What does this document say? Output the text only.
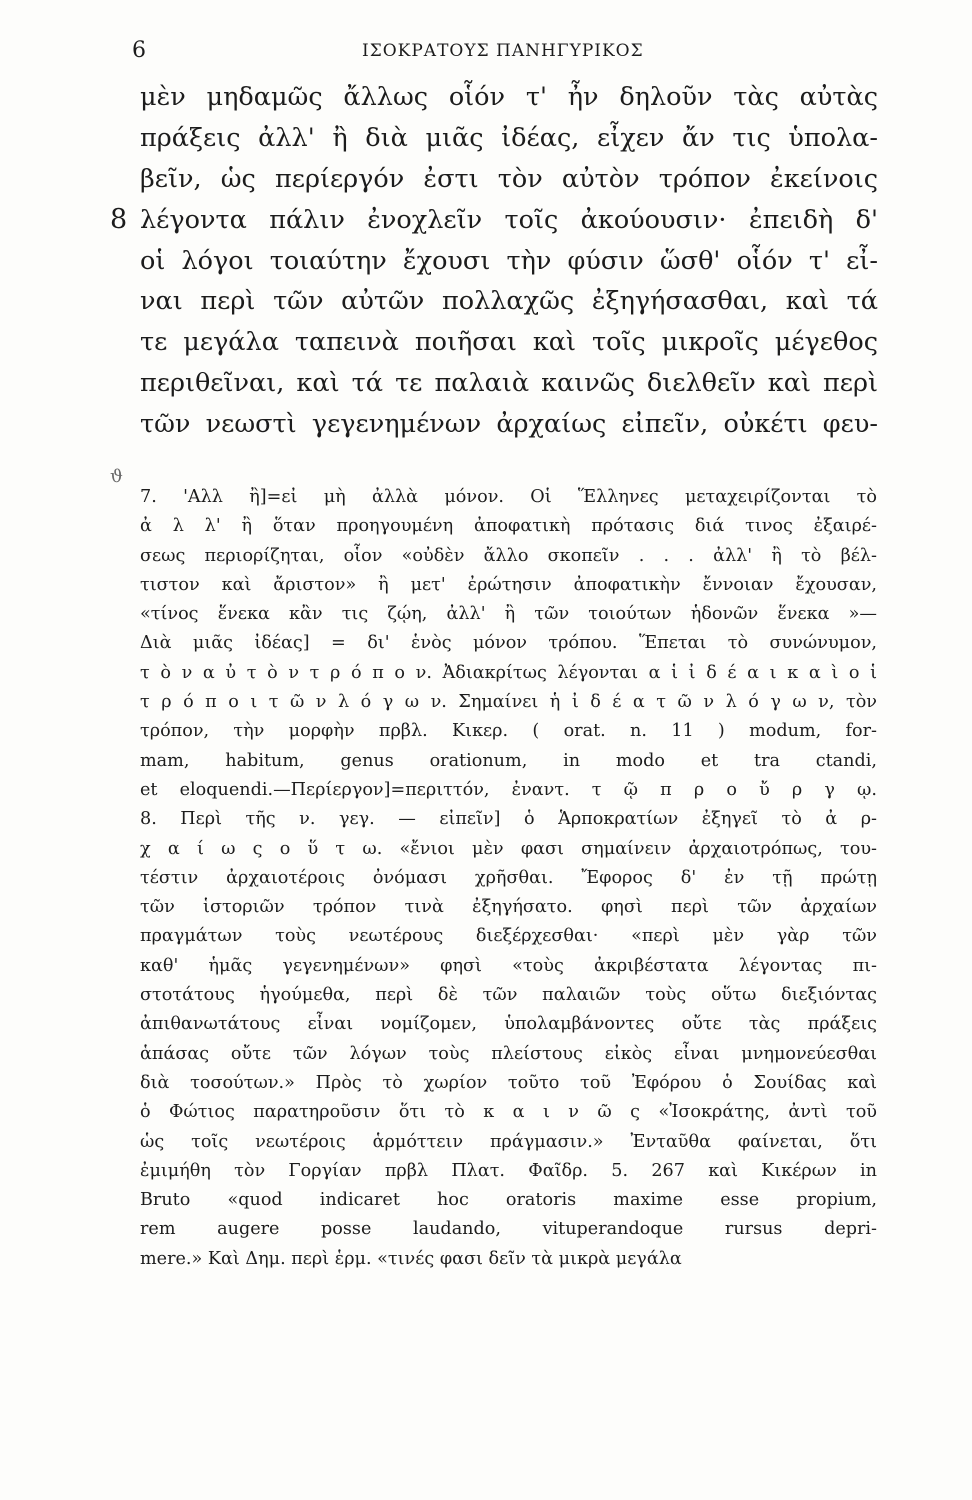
6	ΙΣΟΚΡΑΤΟΥΣ ΠΑΝΗΓΥΡΙΚΟΣ
μὲν μηδαμῶς ἄλλως οἷόν τ' ἦν δηλοῦν τὰς αὐτὰς
πράξεις ἀλλ' ἢ διὰ μιᾶς ἰδέας, εἶχεν ἄν τις ὑπολα-
βεῖν, ὡς περίεργόν ἐστι τὸν αὐτὸν τρόπον ἐκείνοις
8 λέγοντα πάλιν ἐνοχλεῖν τοῖς ἀκούουσιν· ἐπειδὴ δ'
οἱ λόγοι τοιαύτην ἔχουσι τὴν φύσιν ὥσθ' οἷόν τ' εἶ-
ναι περὶ τῶν αὐτῶν πολλαχῶς ἐξηγήσασθαι, καὶ τά
τε μεγάλα ταπεινὰ ποιῆσαι καὶ τοῖς μικροῖς μέγεθος
περιθεῖναι, καὶ τά τε παλαιὰ καινῶς διελθεῖν καὶ περὶ
τῶν νεωστὶ γεγενημένων ἀρχαίως εἰπεῖν, οὐκέτι φευ-
ϑ
7. 'Αλλ ἢ]=εἰ μὴ ἀλλὰ μόνον. Οἱ Ἕλληνες μεταχειρίζονται τὸ
ἀ λ λ' ἢ ὅταν προηγουμένη ἀποφατικὴ πρότασις διά τινος ἐξαιρέ-
σεως περιορίζηται, οἷον «οὐδὲν ἄλλο σκοπεῖν . . . ἀλλ' ἢ τὸ βέλ-
τιστον καὶ ἄριστον» ἢ μετ' ἐρώτησιν ἀποφατικὴν ἔννοιαν ἔχουσαν,
«τίνος ἕνεκα κἂν τις ζῴη, ἀλλ' ἢ τῶν τοιούτων ἡδονῶν ἕνεκα »—
Διὰ μιᾶς ἰδέας] = δι' ἑνὸς μόνον τρόπου. Ἕπεται τὸ συνώνυμον,
τ ὸ ν α ὐ τ ὸ ν τ ρ ό π ο ν. Ἀδιακρίτως λέγονται α ἱ ἰ δ έ α ι κ α ὶ ο ἱ
τ ρ ό π ο ι τ ῶ ν λ ό γ ω ν. Σημαίνει ἡ ἰ δ έ α τ ῶ ν λ ό γ ω ν, τὸν
τρόπον, τὴν μορφὴν πρβλ. Κικερ. ( orat. n. 11 ) modum, for-
mam, habitum, genus orationum, in modo et tra ctandi,
et eloquendi.—Περίεργον]=περιττόν, ἐναντ. τ ῷ π ρ ο ὔ ρ γ ῳ.
8. Περὶ τῆς ν. γεγ. — εἰπεῖν] ὁ Ἁρποκρατίων ἐξηγεῖ τὸ ἀ ρ-
χ α ί ω ς ο ὕ τ ω. «ἔνιοι μὲν φασι σημαίνειν ἀρχαιοτρόπως, του-
τέστιν ἀρχαιοτέροις ὀνόμασι χρῆσθαι. Ἔφορος δ' ἐν τῇ πρώτῃ
τῶν ἱστοριῶν τρόπον τινὰ ἐξηγήσατο. φησὶ περὶ τῶν ἀρχαίων
πραγμάτων τοὺς νεωτέρους διεξέρχεσθαι· «περὶ μὲν γὰρ τῶν
καθ' ἡμᾶς γεγενημένων» φησὶ «τοὺς ἀκριβέστατα λέγοντας πι-
στοτάτους ἡγούμεθα, περὶ δὲ τῶν παλαιῶν τοὺς οὕτω διεξιόντας
ἀπιθανωτάτους εἶναι νομίζομεν, ὑπολαμβάνοντες οὔτε τὰς πράξεις
ἁπάσας οὔτε τῶν λόγων τοὺς πλείστους εἰκὸς εἶναι μνημονεύεσθαι
διὰ τοσούτων.» Πρὸς τὸ χωρίον τοῦτο τοῦ Ἐφόρου ὁ Σουίδας καὶ
ὁ Φώτιος παρατηροῦσιν ὅτι τὸ κ α ι ν ῶ ς «Ἰσοκράτης, ἀντὶ τοῦ
ὡς τοῖς νεωτέροις ἁρμόττειν πράγμασιν.» Ἐνταῦθα φαίνεται, ὅτι
ἐμιμήθη τὸν Γοργίαν πρβλ Πλατ. Φαῖδρ. 5. 267 καὶ Κικέρων in
Bruto «quod indicaret hoc oratoris maxime esse propium,
rem augere posse laudando, vituperandoque rursus depri-
mere.» Καὶ Δημ. περὶ ἑρμ. «τινές φασι δεῖν τὰ μικρὰ μεγάλα
